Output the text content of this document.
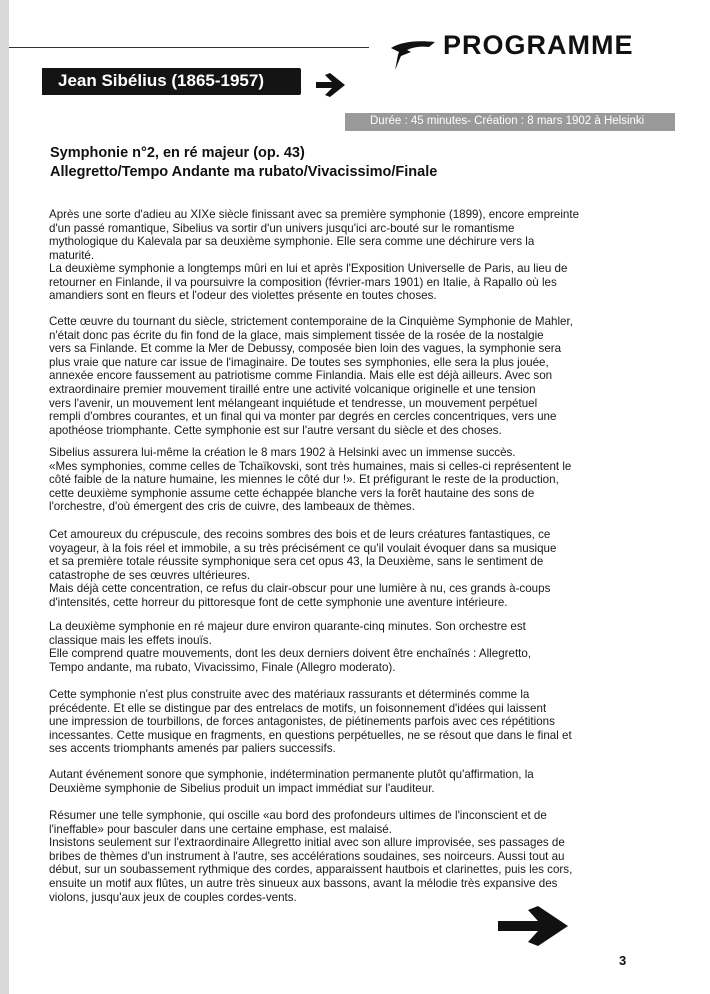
PROGRAMME
Jean Sibélius (1865-1957)
Durée : 45 minutes- Création : 8 mars 1902 à Helsinki
Symphonie n°2, en ré majeur (op. 43)
Allegretto/Tempo Andante ma rubato/Vivacissimo/Finale
Après une sorte d'adieu au XIXe siècle finissant avec sa première symphonie (1899), encore empreinte
d'un passé romantique, Sibelius va sortir d'un univers jusqu'ici arc-bouté sur le romantisme
mythologique du Kalevala par sa deuxième symphonie. Elle sera comme une déchirure vers la
maturité.
La deuxième symphonie a longtemps mûri en lui et après l'Exposition Universelle de Paris, au lieu de
retourner en Finlande, il va poursuivre la composition (février-mars 1901) en Italie, à Rapallo où les
amandiers sont en fleurs et l'odeur des violettes présente en toutes choses.
Cette œuvre du tournant du siècle, strictement contemporaine de la Cinquième Symphonie de Mahler,
n'était donc pas écrite du fin fond de la glace, mais simplement tissée de la rosée de la nostalgie
vers sa Finlande. Et comme la Mer de Debussy, composée bien loin des vagues, la symphonie sera
plus vraie que nature car issue de l'imaginaire. De toutes ses symphonies, elle sera la plus jouée,
annexée encore faussement au patriotisme comme Finlandia. Mais elle est déjà ailleurs. Avec son
extraordinaire premier mouvement tiraillé entre une activité volcanique originelle et une tension
vers l'avenir, un mouvement lent mélangeant inquiétude et tendresse, un mouvement perpétuel
rempli d'ombres courantes, et un final qui va monter par degrés en cercles concentriques, vers une
apothéose triomphante. Cette symphonie est sur l'autre versant du siècle et des choses.
Sibelius assurera lui-même la création le 8 mars 1902 à Helsinki avec un immense succès.
«Mes symphonies, comme celles de Tchaïkovski, sont très humaines, mais si celles-ci représentent le
côté faible de la nature humaine, les miennes le côté dur !». Et préfigurant le reste de la production,
cette deuxième symphonie assume cette échappée blanche vers la forêt hautaine des sons de
l'orchestre, d'où émergent des cris de cuivre, des lambeaux de thèmes.
Cet amoureux du crépuscule, des recoins sombres des bois et de leurs créatures fantastiques, ce
voyageur, à la fois réel et immobile, a su très précisément ce qu'il voulait évoquer dans sa musique
et sa première totale réussite symphonique sera cet opus 43, la Deuxième, sans le sentiment de
catastrophe de ses œuvres ultérieures.
Mais déjà cette concentration, ce refus du clair-obscur pour une lumière à nu, ces grands à-coups
d'intensités, cette horreur du pittoresque font de cette symphonie une aventure intérieure.
La deuxième symphonie en ré majeur dure environ quarante-cinq minutes. Son orchestre est
classique mais les effets inouïs.
Elle comprend quatre mouvements, dont les deux derniers doivent être enchaînés : Allegretto,
Tempo andante, ma rubato, Vivacissimo, Finale (Allegro moderato).
Cette symphonie n'est plus construite avec des matériaux rassurants et déterminés comme la
précédente. Et elle se distingue par des entrelacs de motifs, un foisonnement d'idées qui laissent
une impression de tourbillons, de forces antagonistes, de piétinements parfois avec ces répétitions
incessantes. Cette musique en fragments, en questions perpétuelles, ne se résout que dans le final et
ses accents triomphants amenés par paliers successifs.
Autant événement sonore que symphonie, indétermination permanente plutôt qu'affirmation, la
Deuxième symphonie de Sibelius produit un impact immédiat sur l'auditeur.
Résumer une telle symphonie, qui oscille «au bord des profondeurs ultimes de l'inconscient et de
l'ineffable» pour basculer dans une certaine emphase, est malaisé.
Insistons seulement sur l'extraordinaire Allegretto initial avec son allure improvisée, ses passages de
bribes de thèmes d'un instrument à l'autre, ses accélérations soudaines, ses noirceurs. Aussi tout au
début, sur un soubassement rythmique des cordes, apparaissent hautbois et clarinettes, puis les cors,
ensuite un motif aux flûtes, un autre très sinueux aux bassons, avant la mélodie très expansive des
violons, jusqu'aux jeux de couples cordes-vents.
3
